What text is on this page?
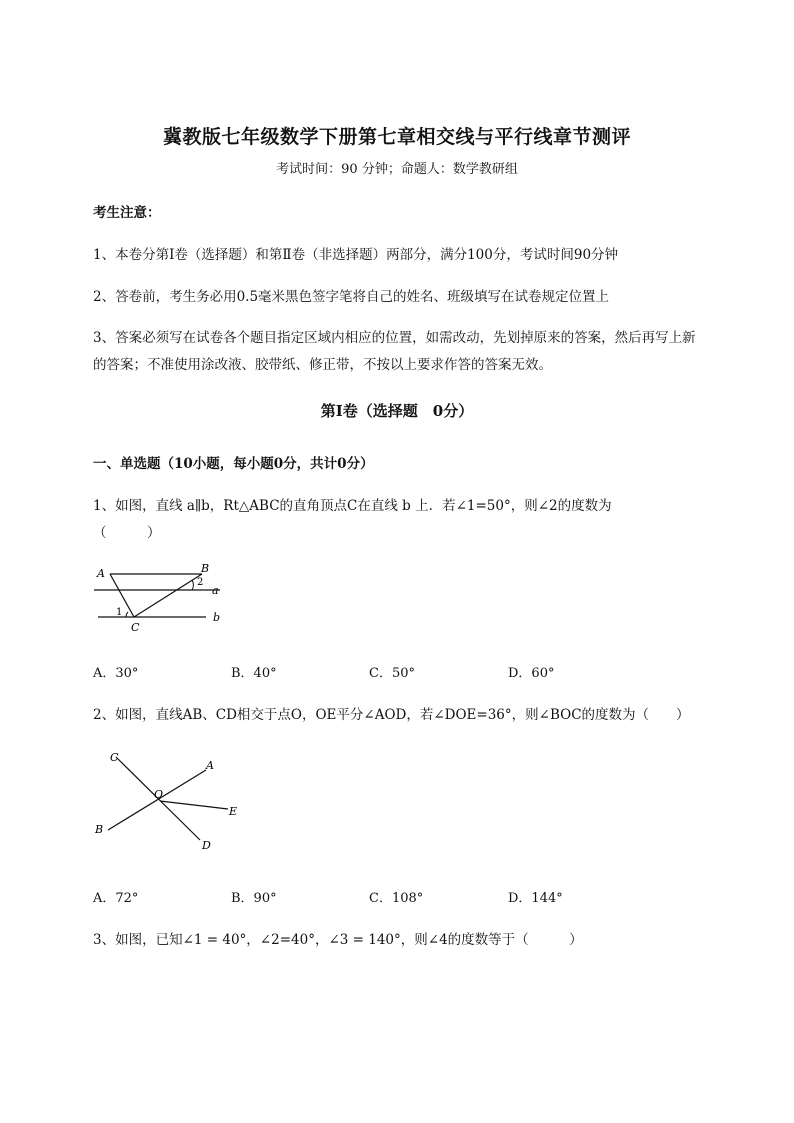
冀教版七年级数学下册第七章相交线与平行线章节测评
考试时间：90 分钟；命题人：数学教研组
考生注意：
1、本卷分第Ⅰ卷（选择题）和第Ⅱ卷（非选择题）两部分，满分100分，考试时间90分钟
2、答卷前，考生务必用0.5毫米黑色签字笔将自己的姓名、班级填写在试卷规定位置上
3、答案必须写在试卷各个题目指定区域内相应的位置，如需改动，先划掉原来的答案，然后再写上新
的答案；不准使用涂改液、胶带纸、修正带，不按以上要求作答的答案无效。
第Ⅰ卷（选择题　0分）
一、单选题（10小题，每小题0分，共计0分）
1、如图，直线 a∥b，Rt△ABC的直角顶点C在直线 b 上．若∠1=50°，则∠2的度数为
（　　　）
A	B
C
a
b
1
2
A．30°	B．40°	C．50°	D．60°
2、如图，直线AB、CD相交于点O，OE平分∠AOD，若∠DOE=36°，则∠BOC的度数为（　　）
C
A
O
E
B
D
A．72°	B．90°	C．108°	D．144°
3、如图，已知∠1 = 40°，∠2=40°，∠3 = 140°，则∠4的度数等于（　　　）
